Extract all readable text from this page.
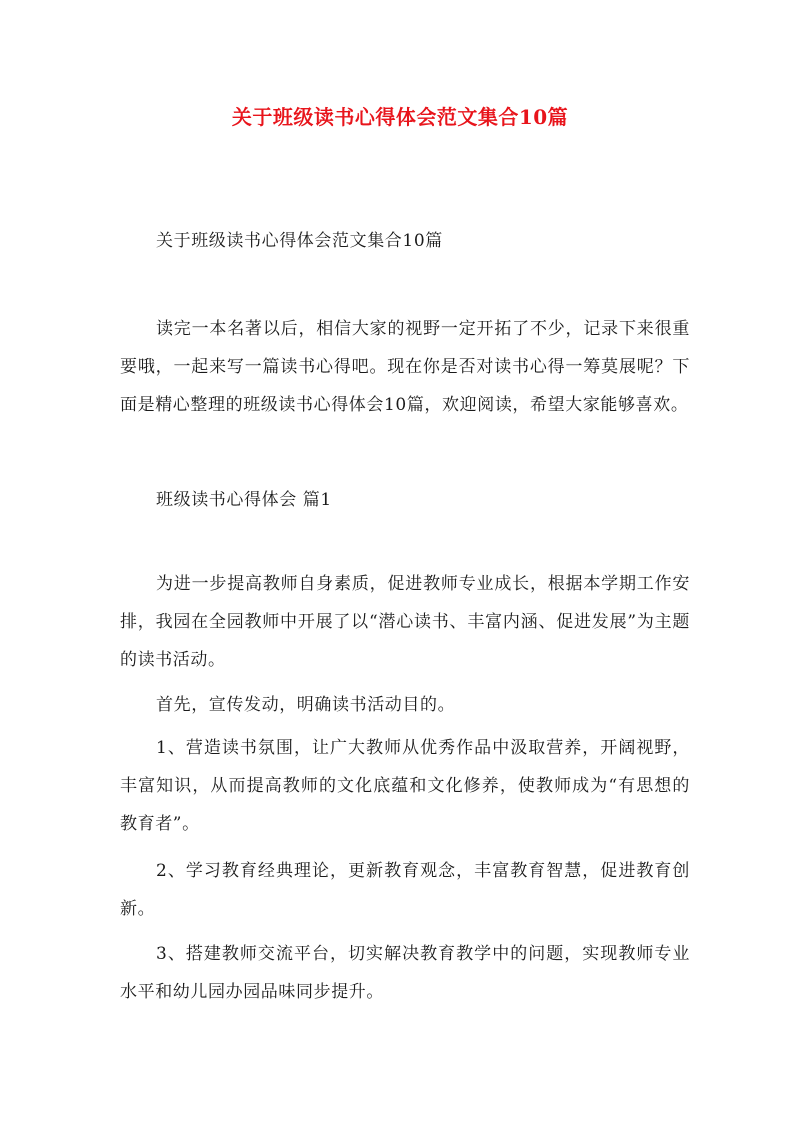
关于班级读书心得体会范文集合10篇
关于班级读书心得体会范文集合10篇
读完一本名著以后，相信大家的视野一定开拓了不少，记录下来很重要哦，一起来写一篇读书心得吧。现在你是否对读书心得一筹莫展呢？下面是精心整理的班级读书心得体会10篇，欢迎阅读，希望大家能够喜欢。
班级读书心得体会 篇1
为进一步提高教师自身素质，促进教师专业成长，根据本学期工作安排，我园在全园教师中开展了以“潜心读书、丰富内涵、促进发展”为主题的读书活动。
首先，宣传发动，明确读书活动目的。
1、营造读书氛围，让广大教师从优秀作品中汲取营养，开阔视野，丰富知识，从而提高教师的文化底蕴和文化修养，使教师成为“有思想的教育者”。
2、学习教育经典理论，更新教育观念，丰富教育智慧，促进教育创新。
3、搭建教师交流平台，切实解决教育教学中的问题，实现教师专业水平和幼儿园办园品味同步提升。
